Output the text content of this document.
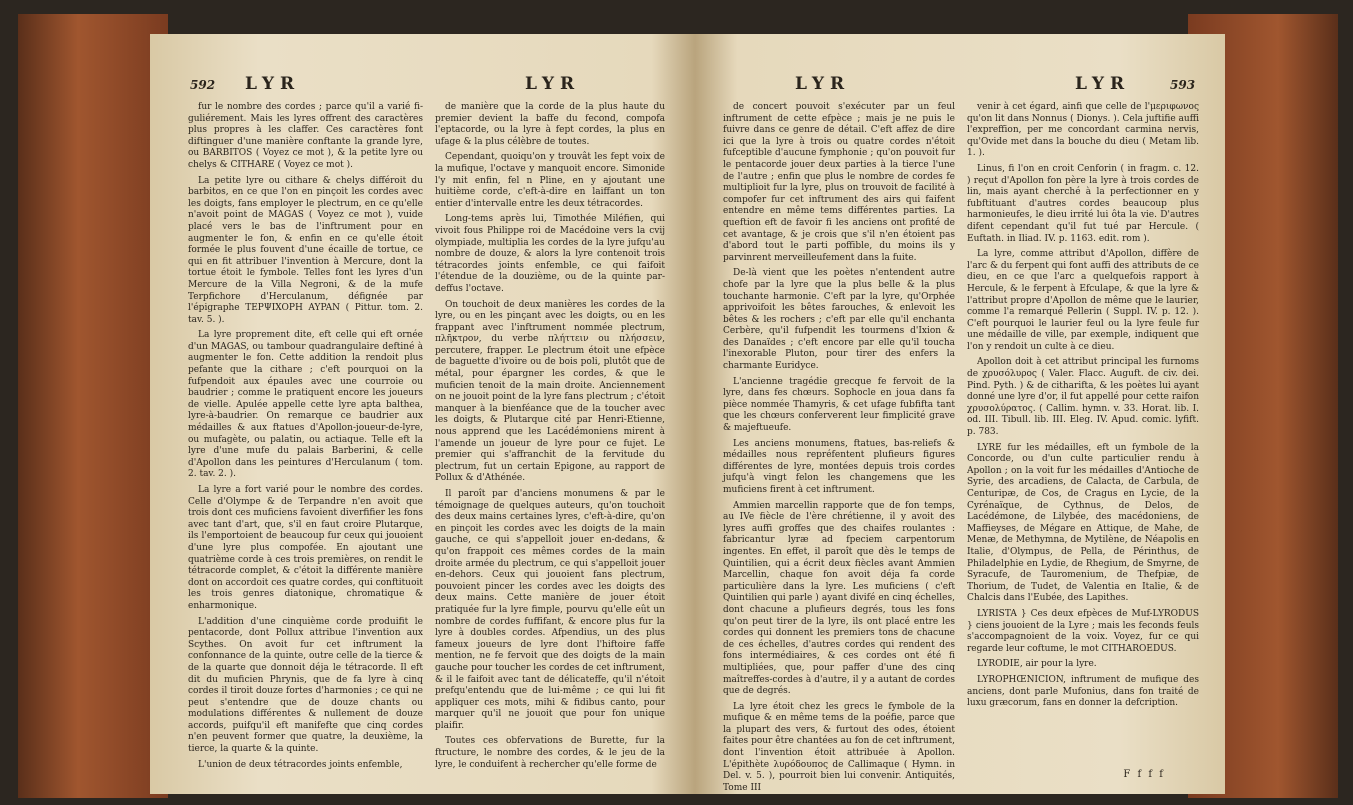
592 LYR	LYR

fur le nombre des cordes ; parce qu'il a varié fi-guliérement. Mais les lyres offrent des caractères plus propres à les claffer. Ces caractères font diftinguer d'une manière conftante la grande lyre, ou BARBITOS ( Voyez ce mot ), & la petite lyre ou chelys & CITHARE ( Voyez ce mot ).

La petite lyre ou cithare & chelys différoit du barbitos, en ce que l'on en pinçoit les cordes avec les doigts, fans employer le plectrum, en ce qu'elle n'avoit point de MAGAS ( Voyez ce mot ), vuide placé vers le bas de l'inftrument pour en augmenter le fon, & enfin en ce qu'elle étoit formée le plus fouvent d'une écaille de tortue, ce qui en fit attribuer l'invention à Mercure, dont la tortue étoit le fymbole. Telles font les lyres d'un Mercure de la Villa Negroni, & de la mufe Terpfichore d'Herculanum, défignée par l'épigraphe TEPΨIXOPH AYPAN ( Pittur. tom. 2. tav. 5. ).

La lyre proprement dite, eft celle qui eft ornée d'un MAGAS, ou tambour quadrangulaire deftiné à augmenter le fon. Cette addition la rendoit plus pefante que la cithare ; c'eft pourquoi on la fufpendoit aux épaules avec une courroie ou baudrier ; comme le pratiquent encore les joueurs de vielle. Apulée appelle cette lyre apta balthea, lyre-à-baudrier. On remarque ce baudrier aux médailles & aux ftatues d'Apollon-joueur-de-lyre, ou mufagète, ou palatin, ou actiaque. Telle eft la lyre d'une mufe du palais Barberini, & celle d'Apollon dans les peintures d'Herculanum ( tom. 2. tav. 2. ).

La lyre a fort varié pour le nombre des cordes. Celle d'Olympe & de Terpandre n'en avoit que trois dont ces muficiens favoient diverfifier les fons avec tant d'art, que, s'il en faut croire Plutarque, ils l'emportoient de beaucoup fur ceux qui jouoient d'une lyre plus compofée. En ajoutant une quatrième corde à ces trois premières, on rendit le tétracorde complet, & c'étoit la différente manière dont on accordoit ces quatre cordes, qui conftituoit les trois genres diatonique, chromatique & enharmonique.

L'addition d'une cinquième corde produifit le pentacorde, dont Pollux attribue l'invention aux Scythes. On avoit fur cet inftrument la confonnance de la quinte, outre celle de la tierce & de la quarte que donnoit déja le tétracorde. Il eft dit du muficien Phrynis, que de fa lyre à cinq cordes il tiroit douze fortes d'harmonies ; ce qui ne peut s'entendre que de douze chants ou modulations différentes & nullement de douze accords, puifqu'il eft manifefte que cinq cordes n'en peuvent former que quatre, la deuxième, la tierce, la quarte & la quinte.

L'union de deux tétracordes joints enfemble,

de manière que la corde de la plus haute du premier devient la baffe du fecond, compofa l'eptacorde, ou la lyre à fept cordes, la plus en ufage & la plus célèbre de toutes.

Cependant, quoiqu'on y trouvât les fept voix de la mufique, l'octave y manquoit encore. Simonide l'y mit enfin, fel n Pline, en y ajoutant une huitième corde, c'eft-à-dire en laiffant un ton entier d'intervalle entre les deux tétracordes.

Long-tems après lui, Timothée Miléfien, qui vivoit fous Philippe roi de Macédoine vers la cvij olympiade, multiplia les cordes de la lyre jufqu'au nombre de douze, & alors la lyre contenoit trois tétracordes joints enfemble, ce qui faifoit l'étendue de la douzième, ou de la quinte par-deffus l'octave.

On touchoit de deux manières les cordes de la lyre, ou en les pinçant avec les doigts, ou en les frappant avec l'inftrument nommée plectrum, πλῆκτρον, du verbe πλήττειν ou πλήσσειν, percutere, frapper. Le plectrum étoit une efpèce de baguette d'ivoire ou de bois poli, plutôt que de métal, pour épargner les cordes, & que le muficien tenoit de la main droite. Anciennement on ne jouoit point de la lyre fans plectrum ; c'étoit manquer à la bienféance que de la toucher avec les doigts, & Plutarque cité par Henri-Etienne, nous apprend que les Lacédémoniens mirent à l'amende un joueur de lyre pour ce fujet. Le premier qui s'affranchit de la fervitude du plectrum, fut un certain Epigone, au rapport de Pollux & d'Athénée.

Il paroît par d'anciens monumens & par le témoignage de quelques auteurs, qu'on touchoit des deux mains certaines lyres, c'eft-à-dire, qu'on en pinçoit les cordes avec les doigts de la main gauche, ce qui s'appelloit jouer en-dedans, & qu'on frappoit ces mêmes cordes de la main droite armée du plectrum, ce qui s'appelloit jouer en-dehors. Ceux qui jouoient fans plectrum, pouvoient pincer les cordes avec les doigts des deux mains. Cette manière de jouer étoit pratiquée fur la lyre fimple, pourvu qu'elle eût un nombre de cordes fuffifant, & encore plus fur la lyre à doubles cordes. Afpendius, un des plus fameux joueurs de lyre dont l'hiftoire faffe mention, ne fe fervoit que des doigts de la main gauche pour toucher les cordes de cet inftrument, & il le faifoit avec tant de délicateffe, qu'il n'étoit prefqu'entendu que de lui-même ; ce qui lui fit appliquer ces mots, mihi & fidibus canto, pour marquer qu'il ne jouoit que pour fon unique plaifir.

Toutes ces obfervations de Burette, fur la ftructure, le nombre des cordes, & le jeu de la lyre, le conduifent à rechercher qu'elle forme de

LYR	LYR	593

de concert pouvoit s'exécuter par un feul inftrument de cette efpèce ; mais je ne puis le fuivre dans ce genre de détail. C'eft affez de dire ici que la lyre à trois ou quatre cordes n'étoit fufceptible d'aucune fymphonie ; qu'on pouvoit fur le pentacorde jouer deux parties à la tierce l'une de l'autre ; enfin que plus le nombre de cordes fe multiplioit fur la lyre, plus on trouvoit de facilité à compofer fur cet inftrument des airs qui faifent entendre en même tems différentes parties. La queftion eft de favoir fi les anciens ont profité de cet avantage, & je crois que s'il n'en étoient pas d'abord tout le parti poffible, du moins ils y parvinrent merveilleufement dans la fuite.

De-là vient que les poètes n'entendent autre chofe par la lyre que la plus belle & la plus touchante harmonie. C'eft par la lyre, qu'Orphée apprivoifoit les bêtes farouches, & enlevoit les bêtes & les rochers ; c'eft par elle qu'il enchanta Cerbère, qu'il fufpendit les tourmens d'Ixion & des Danaïdes ; c'eft encore par elle qu'il toucha l'inexorable Pluton, pour tirer des enfers la charmante Euridyce.

L'ancienne tragédie grecque fe fervoit de la lyre, dans fes chœurs. Sophocle en joua dans fa pièce nommée Thamyris, & cet ufage fubfifta tant que les chœurs conferverent leur fimplicité grave & majeftueufe.

Les anciens monumens, ftatues, bas-reliefs & médailles nous repréfentent plufieurs figures différentes de lyre, montées depuis trois cordes jufqu'à vingt felon les changemens que les muficiens firent à cet inftrument.

Ammien marcellin rapporte que de fon temps, au IVe fiècle de l'ère chrétienne, il y avoit des lyres auffi groffes que des chaifes roulantes : fabricantur lyræ ad fpeciem carpentorum ingentes. En effet, il paroît que dès le temps de Quintilien, qui a écrit deux fiècles avant Ammien Marcellin, chaque fon avoit déja fa corde particulière dans la lyre. Les muficiens ( c'eft Quintilien qui parle ) ayant divifé en cinq échelles, dont chacune a plufieurs degrés, tous les fons qu'on peut tirer de la lyre, ils ont placé entre les cordes qui donnent les premiers tons de chacune de ces échelles, d'autres cordes qui rendent des fons intermédiaires, & ces cordes ont été fi multipliées, que, pour paffer d'une des cinq maîtreffes-cordes à d'autre, il y a autant de cordes que de degrés.

La lyre étoit chez les grecs le fymbole de la mufique & en même tems de la poéfie, parce que la plupart des vers, & furtout des odes, étoient faites pour être chantées au fon de cet inftrument, dont l'invention étoit attribuée à Apollon. L'épithète λυρόδουπος de Callimaque ( Hymn. in Del. v. 5. ), pourroit bien lui convenir. Antiquités, Tome III

venir à cet égard, ainfi que celle de l'μεριφωνος qu'on lit dans Nonnus ( Dionys. ). Cela juftifie auffi l'expreffion, per me concordant carmina nervis, qu'Ovide met dans la bouche du dieu ( Metam lib. 1. ).

Linus, fi l'on en croit Cenforin ( in fragm. c. 12. ) reçut d'Apollon fon père la lyre à trois cordes de lin, mais ayant cherché à la perfectionner en y fubftituant d'autres cordes beaucoup plus harmonieufes, le dieu irrité lui ôta la vie. D'autres difent cependant qu'il fut tué par Hercule. ( Euftath. in Iliad. IV. p. 1163. edit. rom ).

La lyre, comme attribut d'Apollon, diffère de l'arc & du ferpent qui font auffi des attributs de ce dieu, en ce que l'arc a quelquefois rapport à Hercule, & le ferpent à Efculape, & que la lyre & l'attribut propre d'Apollon de même que le laurier, comme l'a remarqué Pellerin ( Suppl. IV. p. 12. ). C'eft pourquoi le laurier feul ou la lyre feule fur une médaille de ville, par exemple, indiquent que l'on y rendoit un culte à ce dieu.

Apollon doit à cet attribut principal les furnoms de χρυσόλυρος ( Valer. Flacc. Auguft. de civ. dei. Pind. Pyth. ) & de citharifta, & les poètes lui ayant donné une lyre d'or, il fut appellé pour cette raifon χρυσολύρατος. ( Callim. hymn. v. 33. Horat. lib. I. od. III. Tibull. lib. III. Eleg. IV. Apud. comic. lyfift. p. 783.

LYRE fur les médailles, eft un fymbole de la Concorde, ou d'un culte particulier rendu à Apollon ; on la voit fur les médailles d'Antioche de Syrie, des arcadiens, de Calacta, de Carbula, de Centuripæ, de Cos, de Cragus en Lycie, de la Cyrénaïque, de Cythnus, de Delos, de Lacédémone, de Lilybée, des macédoniens, de Maffieyses, de Mégare en Attique, de Mahe, de Menæ, de Methymna, de Mytilène, de Néapolis en Italie, d'Olympus, de Pella, de Périnthus, de Philadelphie en Lydie, de Rhegium, de Smyrne, de Syracufe, de Tauromenium, de Thefpiæ, de Thorium, de Tudet, de Valentia en Italie, & de Chalcis dans l'Eubée, des Lapithes.

LYRISTA } Ces deux efpèces de Muf-LYRODUS } ciens jouoient de la Lyre ; mais les feconds feuls s'accompagnoient de la voix. Voyez, fur ce qui regarde leur coftume, le mot CITHAROEDUS.

LYRODIE, air pour la lyre.

LYROPHŒNICION, inftrument de mufique des anciens, dont parle Mufonius, dans fon traité de luxu græcorum, fans en donner la defcription.

F f f f
